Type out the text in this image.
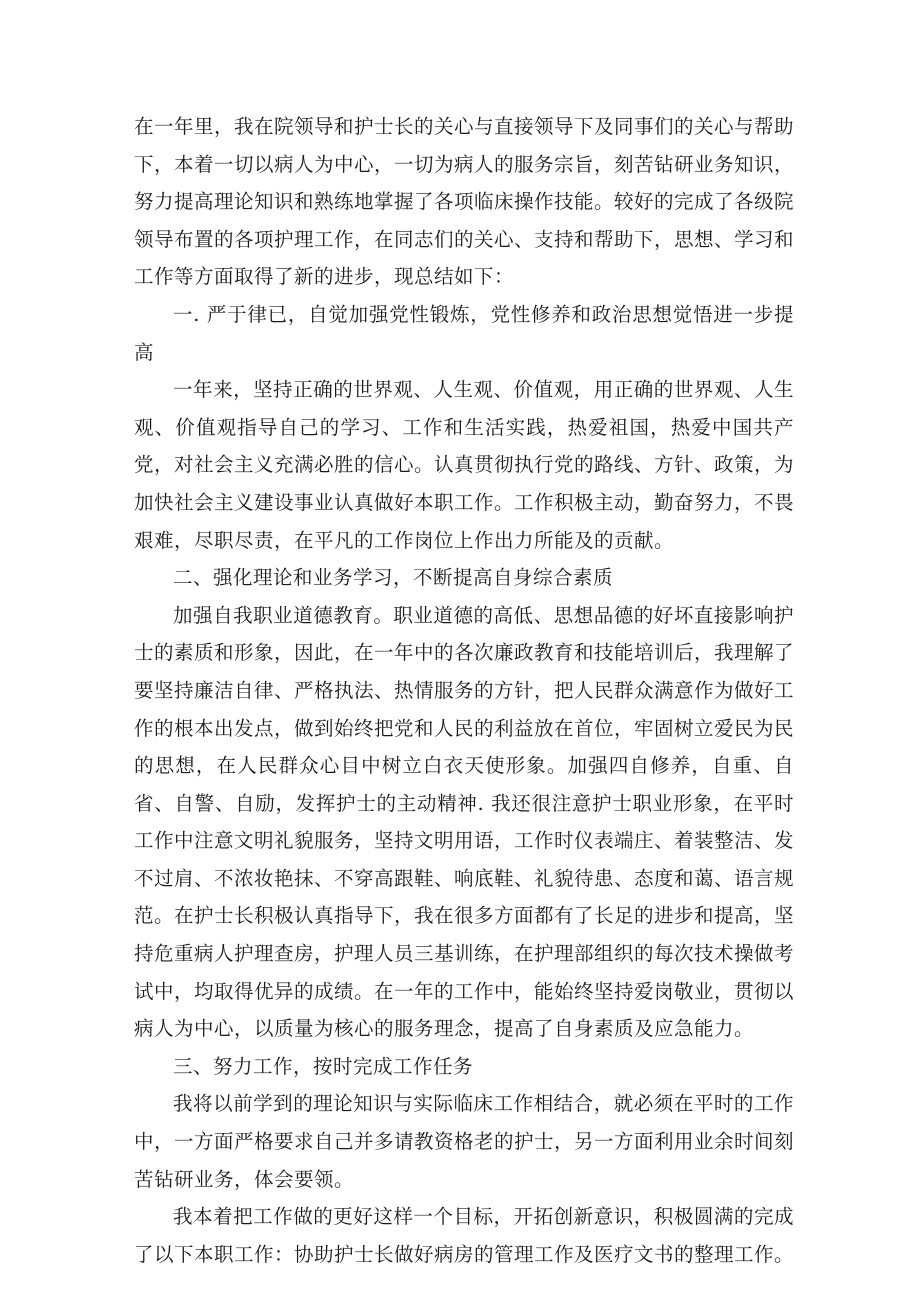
在一年里，我在院领导和护士长的关心与直接领导下及同事们的关心与帮助下，本着一切以病人为中心，一切为病人的服务宗旨，刻苦钻研业务知识，努力提高理论知识和熟练地掌握了各项临床操作技能。较好的完成了各级院领导布置的各项护理工作，在同志们的关心、支持和帮助下，思想、学习和工作等方面取得了新的进步，现总结如下：

一. 严于律已，自觉加强党性锻炼，党性修养和政治思想觉悟进一步提高

一年来，坚持正确的世界观、人生观、价值观，用正确的世界观、人生观、价值观指导自己的学习、工作和生活实践，热爱祖国，热爱中国共产党，对社会主义充满必胜的信心。认真贯彻执行党的路线、方针、政策，为加快社会主义建设事业认真做好本职工作。工作积极主动，勤奋努力，不畏艰难，尽职尽责，在平凡的工作岗位上作出力所能及的贡献。

二、强化理论和业务学习，不断提高自身综合素质

加强自我职业道德教育。职业道德的高低、思想品德的好坏直接影响护士的素质和形象，因此，在一年中的各次廉政教育和技能培训后，我理解了要坚持廉洁自律、严格执法、热情服务的方针，把人民群众满意作为做好工作的根本出发点，做到始终把党和人民的利益放在首位，牢固树立爱民为民的思想，在人民群众心目中树立白衣天使形象。加强四自修养，自重、自省、自警、自励，发挥护士的主动精神. 我还很注意护士职业形象，在平时工作中注意文明礼貌服务，坚持文明用语，工作时仪表端庄、着装整洁、发不过肩、不浓妆艳抹、不穿高跟鞋、响底鞋、礼貌待患、态度和蔼、语言规范。在护士长积极认真指导下，我在很多方面都有了长足的进步和提高，坚持危重病人护理查房，护理人员三基训练，在护理部组织的每次技术操做考试中，均取得优异的成绩。在一年的工作中，能始终坚持爱岗敬业，贯彻以病人为中心，以质量为核心的服务理念，提高了自身素质及应急能力。

三、努力工作，按时完成工作任务

我将以前学到的理论知识与实际临床工作相结合，就必须在平时的工作中，一方面严格要求自己并多请教资格老的护士，另一方面利用业余时间刻苦钻研业务，体会要领。

我本着把工作做的更好这样一个目标，开拓创新意识，积极圆满的完成了以下本职工作：协助护士长做好病房的管理工作及医疗文书的整理工作。
